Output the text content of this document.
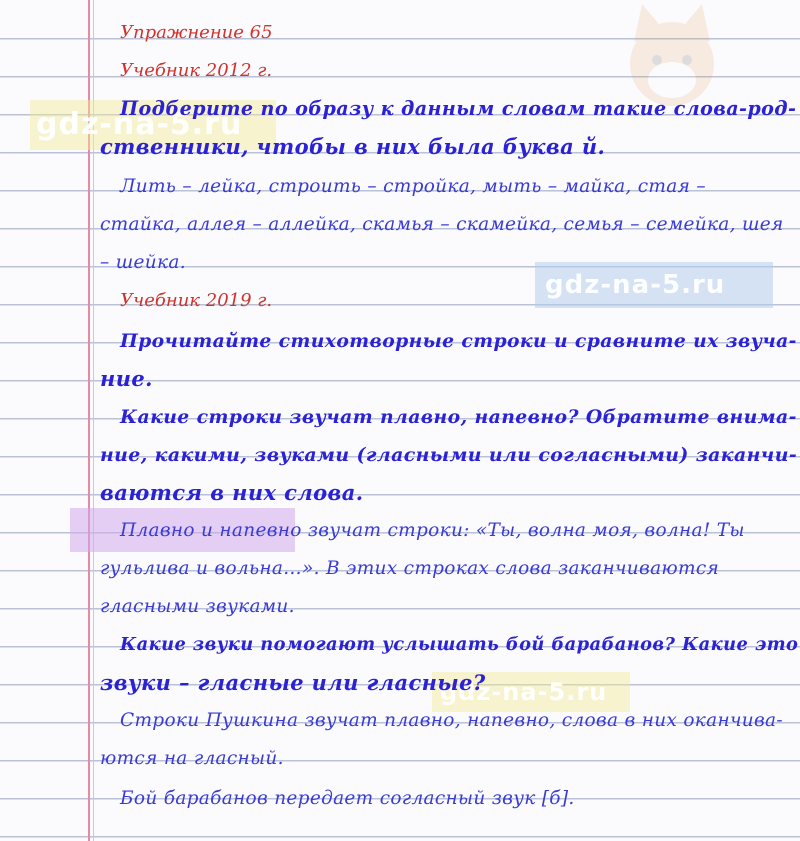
gdz-na-5.ru
gdz-na-5.ru
gdz-na-5.ru
Упражнение 65
Учебник 2012 г.
Подберите по образу к данным словам такие слова-род-
ственники, чтобы в них была буква й.
Лить – лейка, строить – стройка, мыть – майка, стая –
стайка, аллея – аллейка, скамья – скамейка, семья – семейка, шея
– шейка.
Учебник 2019 г.
Прочитайте стихотворные строки и сравните их звуча-
ние.
Какие строки звучат плавно, напевно? Обратите внима-
ние, какими, звуками (гласными или согласными) заканчи-
ваются в них слова.
Плавно и напевно звучат строки: «Ты, волна моя, волна! Ты
гульлива и вольна…». В этих строках слова заканчиваются
гласными звуками.
Какие звуки помогают услышать бой барабанов? Какие это
звуки – гласные или гласные?
Строки Пушкина звучат плавно, напевно, слова в них оканчива-
ются на гласный.
Бой барабанов передает согласный звук [б].
